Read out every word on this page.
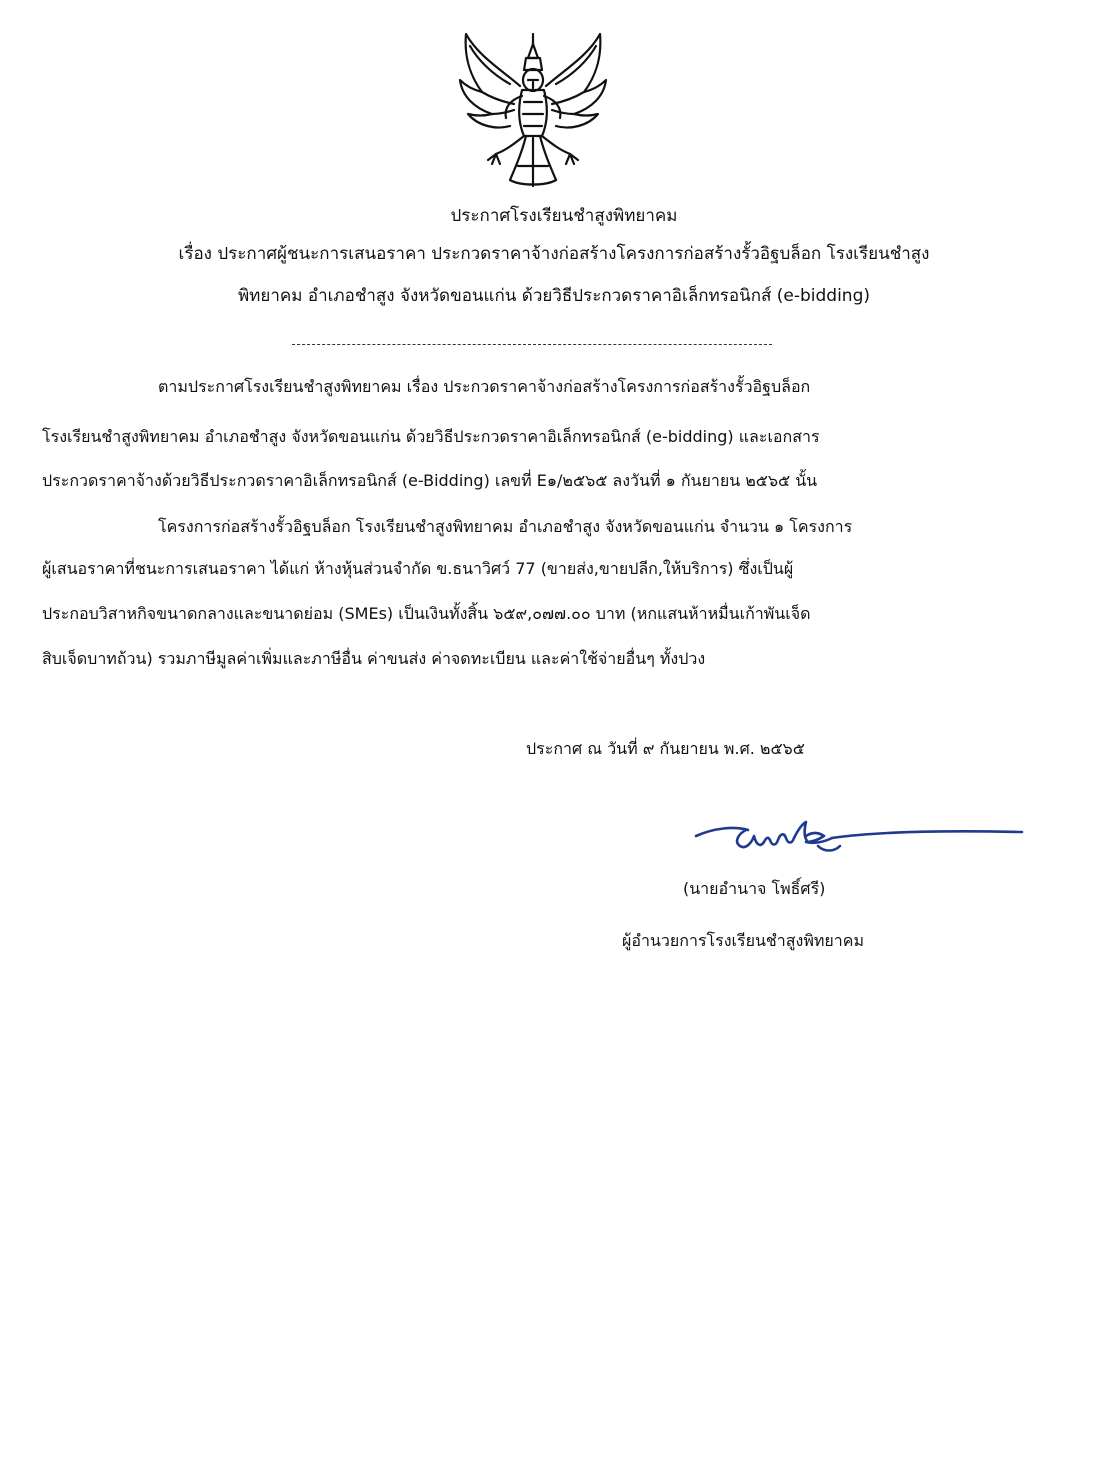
ประกาศโรงเรียนชำสูงพิทยาคม
เรื่อง ประกาศผู้ชนะการเสนอราคา ประกวดราคาจ้างก่อสร้างโครงการก่อสร้างรั้วอิฐบล็อก โรงเรียนชำสูง
พิทยาคม อำเภอชำสูง จังหวัดขอนแก่น ด้วยวิธีประกวดราคาอิเล็กทรอนิกส์ (e-bidding)
ตามประกาศโรงเรียนชำสูงพิทยาคม เรื่อง ประกวดราคาจ้างก่อสร้างโครงการก่อสร้างรั้วอิฐบล็อก
โรงเรียนชำสูงพิทยาคม อำเภอชำสูง จังหวัดขอนแก่น ด้วยวิธีประกวดราคาอิเล็กทรอนิกส์ (e-bidding) และเอกสาร
ประกวดราคาจ้างด้วยวิธีประกวดราคาอิเล็กทรอนิกส์ (e-Bidding) เลขที่ E๑/๒๕๖๕ ลงวันที่ ๑ กันยายน ๒๕๖๕ นั้น
โครงการก่อสร้างรั้วอิฐบล็อก โรงเรียนชำสูงพิทยาคม อำเภอชำสูง จังหวัดขอนแก่น จำนวน ๑ โครงการ
ผู้เสนอราคาที่ชนะการเสนอราคา ได้แก่ ห้างหุ้นส่วนจำกัด ข.ธนาวิศว์ 77 (ขายส่ง,ขายปลีก,ให้บริการ) ซึ่งเป็นผู้
ประกอบวิสาหกิจขนาดกลางและขนาดย่อม (SMEs) เป็นเงินทั้งสิ้น ๖๕๙,๐๗๗.๐๐ บาท (หกแสนห้าหมื่นเก้าพันเจ็ด
สิบเจ็ดบาทถ้วน) รวมภาษีมูลค่าเพิ่มและภาษีอื่น ค่าขนส่ง ค่าจดทะเบียน และค่าใช้จ่ายอื่นๆ ทั้งปวง
ประกาศ ณ วันที่ ๙ กันยายน พ.ศ. ๒๕๖๕
(นายอำนาจ โพธิ์ศรี)
ผู้อำนวยการโรงเรียนชำสูงพิทยาคม
